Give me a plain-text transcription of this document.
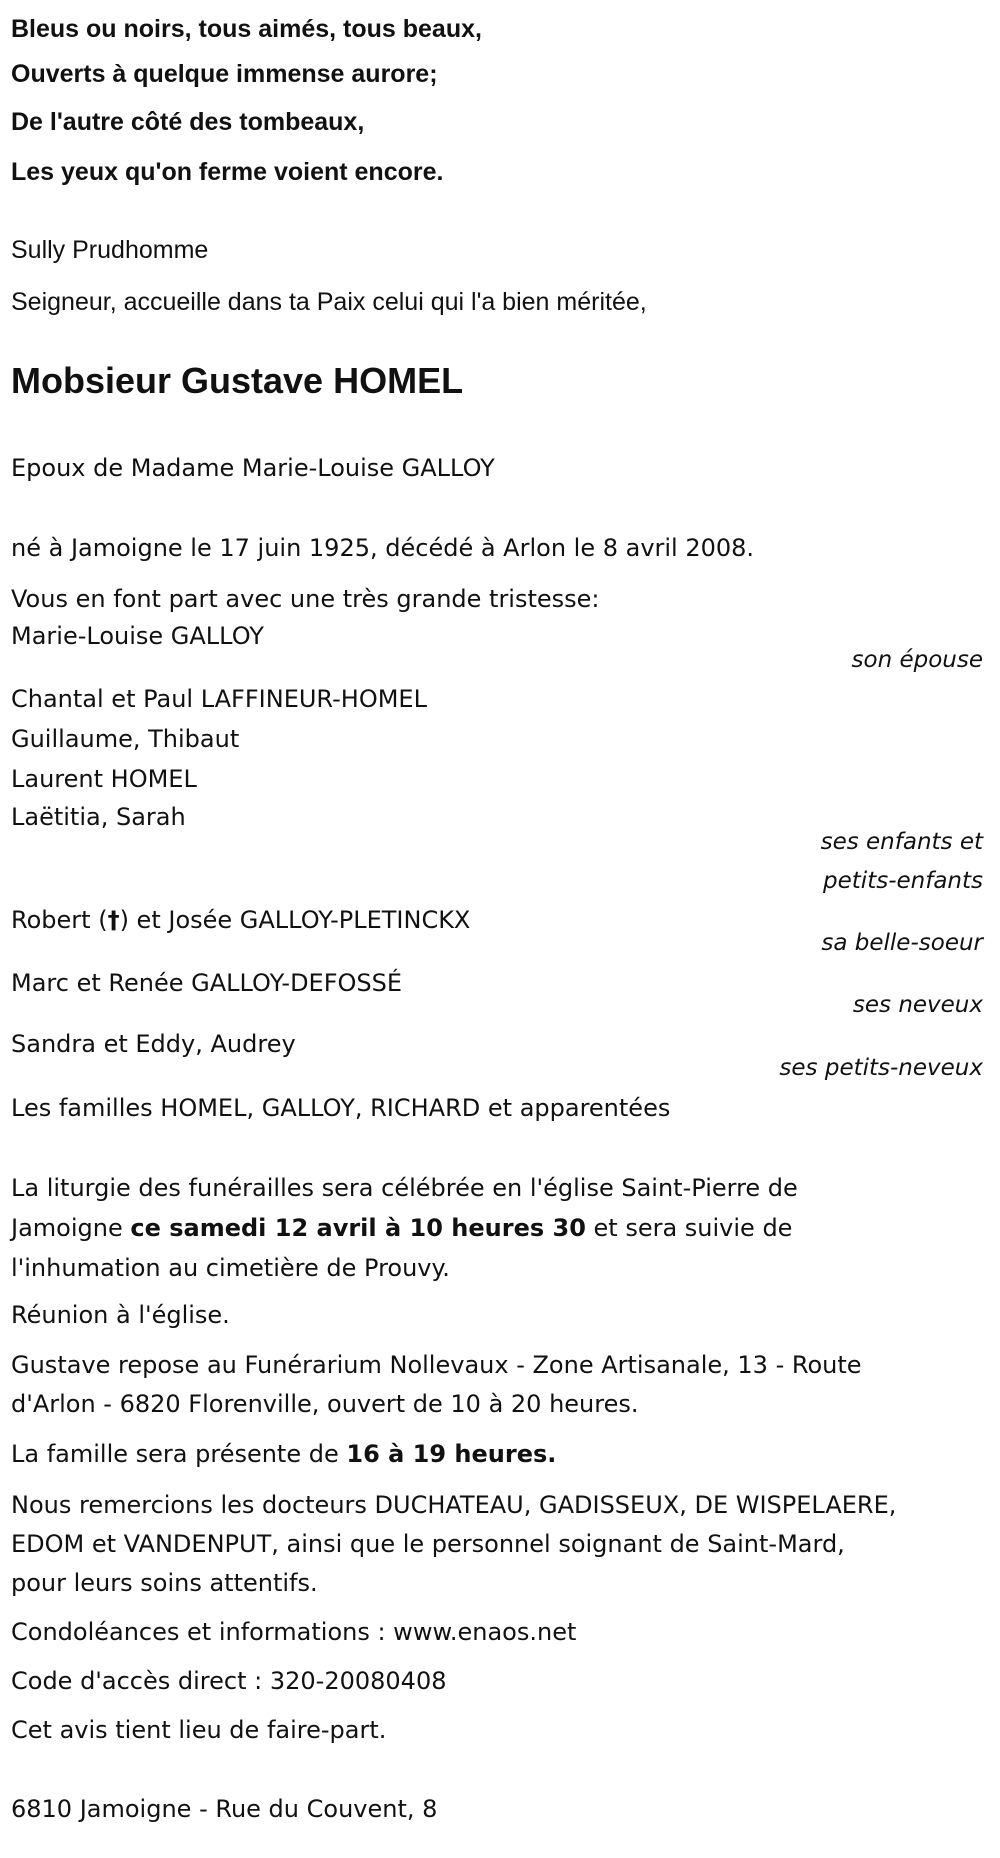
Bleus ou noirs, tous aimés, tous beaux,
Ouverts à quelque immense aurore;
De l'autre côté des tombeaux,
Les yeux qu'on ferme voient encore.
Sully Prudhomme
Seigneur, accueille dans ta Paix celui qui l'a bien méritée,
Mobsieur Gustave HOMEL
Epoux de Madame Marie-Louise GALLOY
né à Jamoigne le 17 juin 1925, décédé à Arlon le 8 avril 2008.
Vous en font part avec une très grande tristesse:
Marie-Louise GALLOY
son épouse
Chantal et Paul LAFFINEUR-HOMEL
Guillaume, Thibaut
Laurent HOMEL
Laëtitia, Sarah
ses enfants et
petits-enfants
Robert (†) et Josée GALLOY-PLETINCKX
sa belle-soeur
Marc et Renée GALLOY-DEFOSSÉ
ses neveux
Sandra et Eddy, Audrey
ses petits-neveux
Les familles HOMEL, GALLOY, RICHARD et apparentées
La liturgie des funérailles sera célébrée en l'église Saint-Pierre de
Jamoigne ce samedi 12 avril à 10 heures 30 et sera suivie de
l'inhumation au cimetière de Prouvy.
Réunion à l'église.
Gustave repose au Funérarium Nollevaux - Zone Artisanale, 13 - Route
d'Arlon - 6820 Florenville, ouvert de 10 à 20 heures.
La famille sera présente de 16 à 19 heures.
Nous remercions les docteurs DUCHATEAU, GADISSEUX, DE WISPELAERE,
EDOM et VANDENPUT, ainsi que le personnel soignant de Saint-Mard,
pour leurs soins attentifs.
Condoléances et informations : www.enaos.net
Code d'accès direct : 320-20080408
Cet avis tient lieu de faire-part.
6810 Jamoigne - Rue du Couvent, 8
